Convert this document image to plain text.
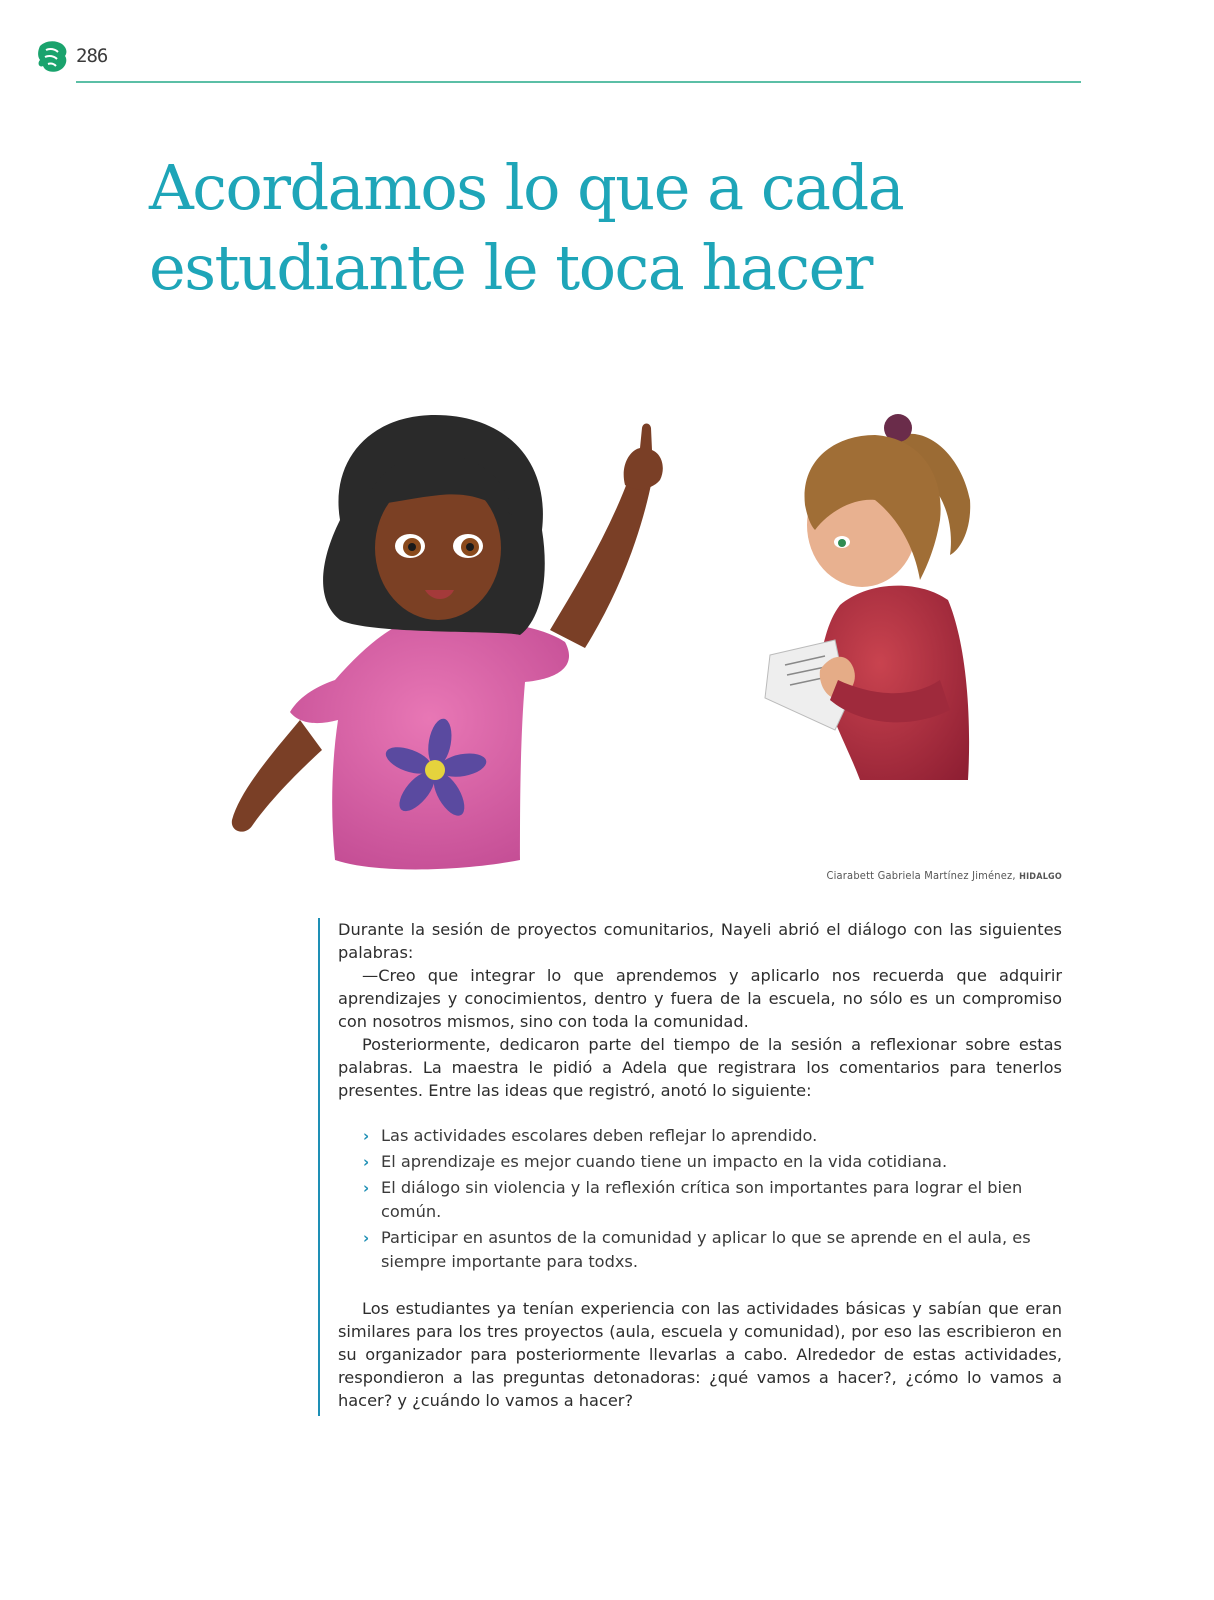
286
Acordamos lo que a cada
estudiante le toca hacer
Ciarabett Gabriela Martínez Jiménez, HIDALGO

Durante la sesión de proyectos comunitarios, Nayeli abrió el diálogo con las siguientes palabras:

—Creo que integrar lo que aprendemos y aplicarlo nos recuerda que adquirir aprendizajes y conocimientos, dentro y fuera de la escuela, no sólo es un compromiso con nosotros mismos, sino con toda la comunidad.

Posteriormente, dedicaron parte del tiempo de la sesión a reflexionar sobre estas palabras. La maestra le pidió a Adela que registrara los comentarios para tenerlos presentes. Entre las ideas que registró, anotó lo siguiente:

› Las actividades escolares deben reflejar lo aprendido.
› El aprendizaje es mejor cuando tiene un impacto en la vida cotidiana.
› El diálogo sin violencia y la reflexión crítica son importantes para lograr el bien común.
› Participar en asuntos de la comunidad y aplicar lo que se aprende en el aula, es siempre importante para todxs.

Los estudiantes ya tenían experiencia con las actividades básicas y sabían que eran similares para los tres proyectos (aula, escuela y comunidad), por eso las escribieron en su organizador para posteriormente llevarlas a cabo. Alrededor de estas actividades, respondieron a las preguntas detonadoras: ¿qué vamos a hacer?, ¿cómo lo vamos a hacer? y ¿cuándo lo vamos a hacer?
